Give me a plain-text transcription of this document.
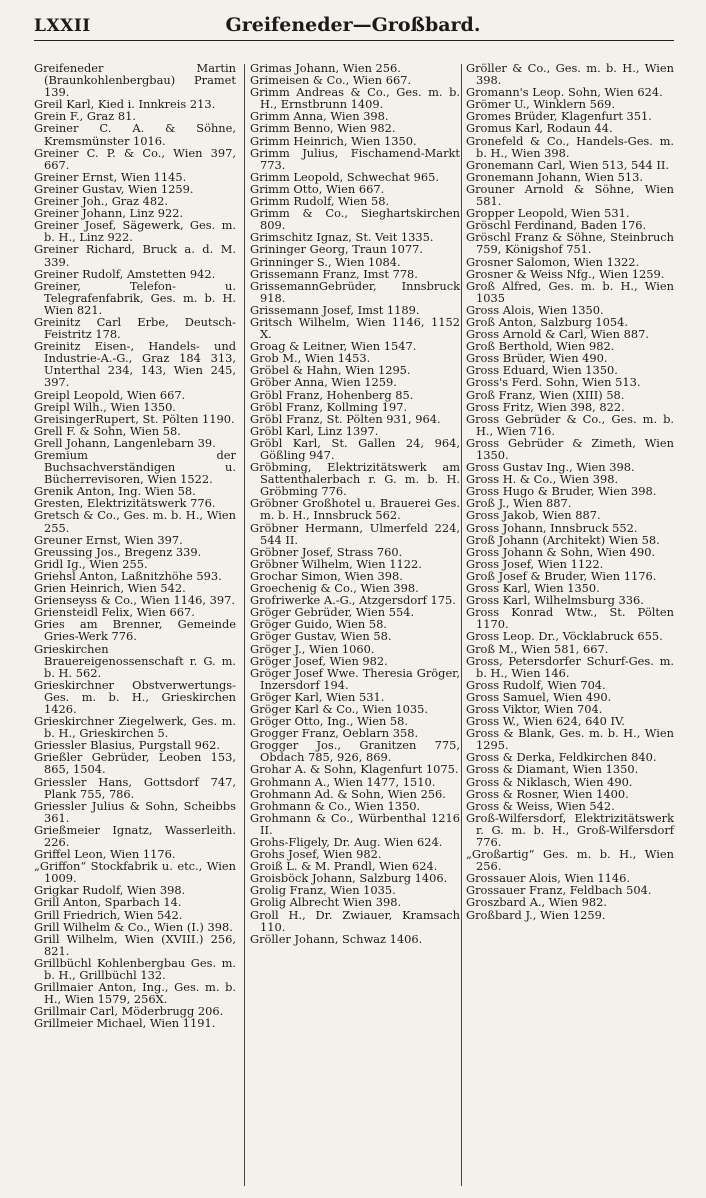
LXXII	Greifeneder—Großbard.

Greifeneder Martin (Braunkohlenbergbau) Pramet 139.

Greil Karl, Kied i. Innkreis 213.

Grein F., Graz 81.

Greiner C. A. & Söhne, Kremsmünster 1016.

Greiner C. P. & Co., Wien 397, 667.

Greiner Ernst, Wien 1145.

Greiner Gustav, Wien 1259.

Greiner Joh., Graz 482.

Greiner Johann, Linz 922.

Greiner Josef, Sägewerk, Ges. m. b. H., Linz 922.

Greiner Richard, Bruck a. d. M. 339.

Greiner Rudolf, Amstetten 942.

Greiner, Telefon- u. Telegrafenfabrik, Ges. m. b. H. Wien 821.

Greinitz Carl Erbe, Deutsch-Feistritz 178.

Greinitz Eisen-, Handels- und Industrie-A.-G., Graz 184 313, Unterthal 234, 143, Wien 245, 397.

Greipl Leopold, Wien 667.

Greipl Wilh., Wien 1350.

GreisingerRupert, St. Pölten 1190.

Grell F. & Sohn, Wien 58.

Grell Johann, Langenlebarn 39.

Gremium der Buchsachverständigen u. Bücherrevisoren, Wien 1522.

Grenik Anton, Ing. Wien 58.

Gresten, Elektrizitätswerk 776.

Gretsch & Co., Ges. m. b. H., Wien 255.

Greuner Ernst, Wien 397.

Greussing Jos., Bregenz 339.

Gridl Ig., Wien 255.

Griehsl Anton, Laßnitzhöhe 593.

Grien Heinrich, Wien 542.

Grienseyss & Co., Wien 1146, 397.

Griensteidl Felix, Wien 667.

Gries am Brenner, Gemeinde Gries-Werk 776.

Grieskirchen Brauereigenossenschaft r. G. m. b. H. 562.

Grieskirchner Obstverwertungs-Ges. m. b. H., Grieskirchen 1426.

Grieskirchner Ziegelwerk, Ges. m. b. H., Grieskirchen 5.

Griessler Blasius, Purgstall 962.

Grießler Gebrüder, Leoben 153, 865, 1504.

Griessler Hans, Gottsdorf 747, Plank 755, 786.

Griessler Julius & Sohn, Scheibbs 361.

Grießmeier Ignatz, Wasserleith. 226.

Griffel Leon, Wien 1176.

„Griffon“ Stockfabrik u. etc., Wien 1009.

Grigkar Rudolf, Wien 398.

Grill Anton, Sparbach 14.

Grill Friedrich, Wien 542.

Grill Wilhelm & Co., Wien (I.) 398.

Grill Wilhelm, Wien (XVIII.) 256, 821.

Grillbüchl Kohlenbergbau Ges. m. b. H., Grillbüchl 132.

Grillmaier Anton, Ing., Ges. m. b. H., Wien 1579, 256X.

Grillmair Carl, Möderbrugg 206.

Grillmeier Michael, Wien 1191.

Grimas Johann, Wien 256.

Grimeisen & Co., Wien 667.

Grimm Andreas & Co., Ges. m. b. H., Ernstbrunn 1409.

Grimm Anna, Wien 398.

Grimm Benno, Wien 982.

Grimm Heinrich, Wien 1350.

Grimm Julius, Fischamend-Markt 773.

Grimm Leopold, Schwechat 965.

Grimm Otto, Wien 667.

Grimm Rudolf, Wien 58.

Grimm & Co., Sieghartskirchen 809.

Grimschitz Ignaz, St. Veit 1335.

Grininger Georg, Traun 1077.

Grinninger S., Wien 1084.

Grissemann Franz, Imst 778.

GrissemannGebrüder, Innsbruck 918.

Grissemann Josef, Imst 1189.

Gritsch Wilhelm, Wien 1146, 1152 X.

Groag & Leitner, Wien 1547.

Grob M., Wien 1453.

Gröbel & Hahn, Wien 1295.

Gröber Anna, Wien 1259.

Gröbl Franz, Hohenberg 85.

Gröbl Franz, Kollming 197.

Gröbl Franz, St. Pölten 931, 964.

Gröbl Karl, Linz 1397.

Gröbl Karl, St. Gallen 24, 964, Gößling 947.

Gröbming, Elektrizitätswerk am Sattenthalerbach r. G. m. b. H. Gröbming 776.

Gröbner Großhotel u. Brauerei Ges. m. b. H., Innsbruck 562.

Gröbner Hermann, Ulmerfeld 224, 544 II.

Gröbner Josef, Strass 760.

Gröbner Wilhelm, Wien 1122.

Grochar Simon, Wien 398.

Groechenig & Co., Wien 398.

Grofriwerke A.-G., Atzgersdorf 175.

Gröger Gebrüder, Wien 554.

Gröger Guido, Wien 58.

Gröger Gustav, Wien 58.

Gröger J., Wien 1060.

Gröger Josef, Wien 982.

Gröger Josef Wwe. Theresia Gröger, Inzersdorf 194.

Gröger Karl, Wien 531.

Gröger Karl & Co., Wien 1035.

Gröger Otto, Ing., Wien 58.

Grogger Franz, Oeblarn 358.

Grogger Jos., Granitzen 775, Obdach 785, 926, 869.

Grohar A. & Sohn, Klagenfurt 1075.

Grohmann A., Wien 1477, 1510.

Grohmann Ad. & Sohn, Wien 256.

Grohmann & Co., Wien 1350.

Grohmann & Co., Würbenthal 1216 II.

Grohs-Fligely, Dr. Aug. Wien 624.

Grohs Josef, Wien 982.

Groiß L. & M. Prandl, Wien 624.

Groisböck Johann, Salzburg 1406.

Grolig Franz, Wien 1035.

Grolig Albrecht Wien 398.

Groll H., Dr. Zwiauer, Kramsach 110.

Gröller Johann, Schwaz 1406.

Gröller & Co., Ges. m. b. H., Wien 398.

Gromann's Leop. Sohn, Wien 624.

Grömer U., Winklern 569.

Gromes Brüder, Klagenfurt 351.

Gromus Karl, Rodaun 44.

Gronefeld & Co., Handels-Ges. m. b. H., Wien 398.

Gronemann Carl, Wien 513, 544 II.

Gronemann Johann, Wien 513.

Grouner Arnold & Söhne, Wien 581.

Gropper Leopold, Wien 531.

Gröschl Ferdinand, Baden 176.

Gröschl Franz & Söhne, Steinbruch 759, Königshof 751.

Grosner Salomon, Wien 1322.

Grosner & Weiss Nfg., Wien 1259.

Groß Alfred, Ges. m. b. H., Wien 1035

Gross Alois, Wien 1350.

Groß Anton, Salzburg 1054.

Gross Arnold & Carl, Wien 887.

Groß Berthold, Wien 982.

Gross Brüder, Wien 490.

Gross Eduard, Wien 1350.

Gross's Ferd. Sohn, Wien 513.

Groß Franz, Wien (XIII) 58.

Gross Fritz, Wien 398, 822.

Gross Gebrüder & Co., Ges. m. b. H., Wien 716.

Gross Gebrüder & Zimeth, Wien 1350.

Gross Gustav Ing., Wien 398.

Gross H. & Co., Wien 398.

Gross Hugo & Bruder, Wien 398.

Groß J., Wien 887.

Gross Jakob, Wien 887.

Gross Johann, Innsbruck 552.

Groß Johann (Architekt) Wien 58.

Gross Johann & Sohn, Wien 490.

Gross Josef, Wien 1122.

Groß Josef & Bruder, Wien 1176.

Gross Karl, Wien 1350.

Gross Karl, Wilhelmsburg 336.

Gross Konrad Wtw., St. Pölten 1170.

Gross Leop. Dr., Vöcklabruck 655.

Groß M., Wien 581, 667.

Gross, Petersdorfer Schurf-Ges. m. b. H., Wien 146.

Gross Rudolf, Wien 704.

Gross Samuel, Wien 490.

Gross Viktor, Wien 704.

Gross W., Wien 624, 640 IV.

Gross & Blank, Ges. m. b. H., Wien 1295.

Gross & Derka, Feldkirchen 840.

Gross & Diamant, Wien 1350.

Gross & Niklasch, Wien 490.

Gross & Rosner, Wien 1400.

Gross & Weiss, Wien 542.

Groß-Wilfersdorf, Elektrizitätswerk r. G. m. b. H., Groß-Wilfersdorf 776.

„Großartig“ Ges. m. b. H., Wien 256.

Grossauer Alois, Wien 1146.

Grossauer Franz, Feldbach 504.

Groszbard A., Wien 982.

Großbard J., Wien 1259.
